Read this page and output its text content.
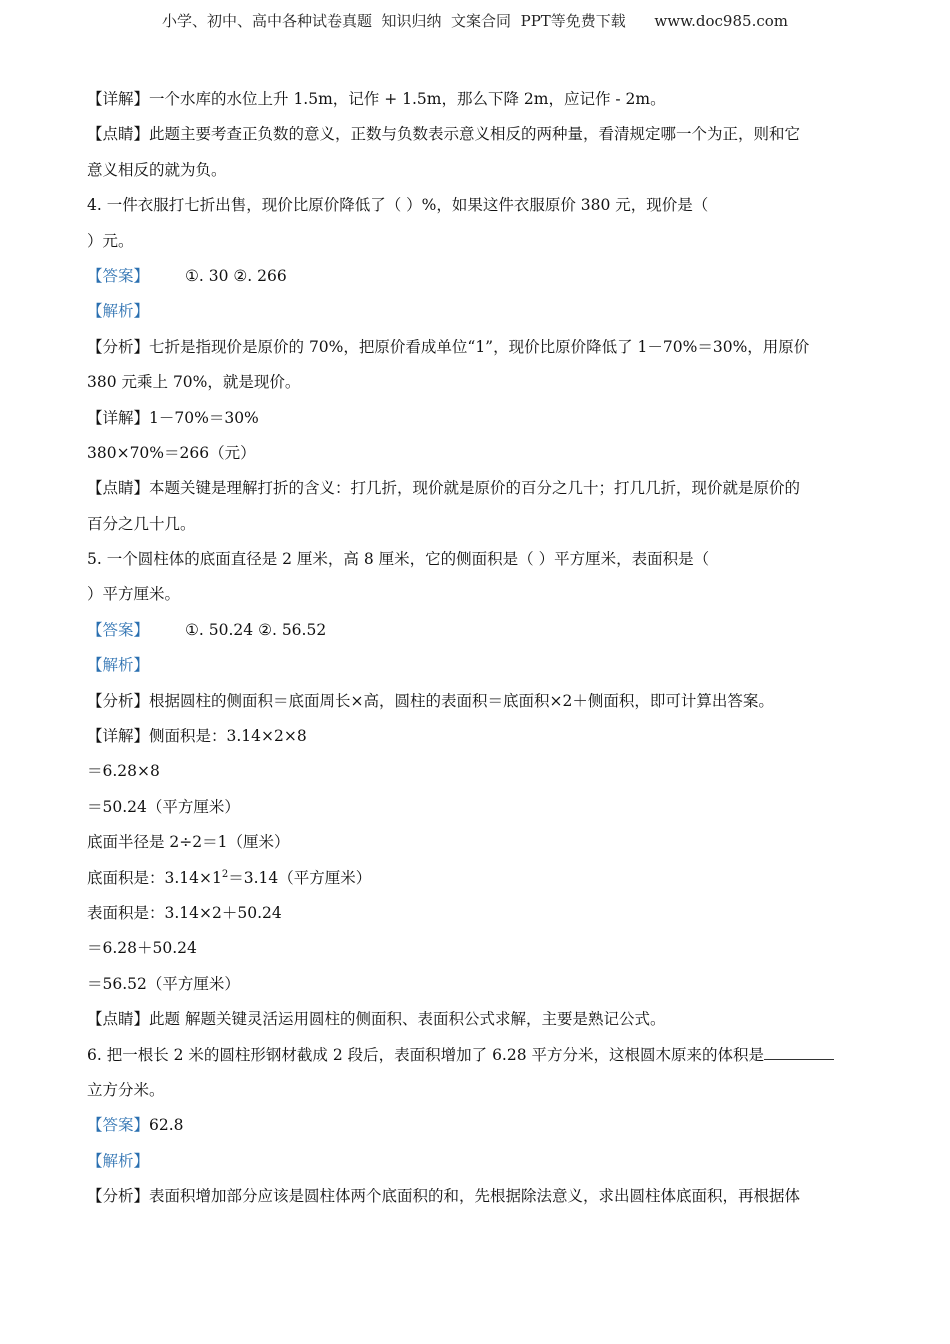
小学、初中、高中各种试卷真题  知识归纳  文案合同  PPT等免费下载      www.doc985.com
【详解】一个水库的水位上升 1.5m，记作 + 1.5m，那么下降 2m，应记作 - 2m。
【点睛】此题主要考查正负数的意义，正数与负数表示意义相反的两种量，看清规定哪一个为正，则和它
意义相反的就为负。
4. 一件衣服打七折出售，现价比原价降低了（ ）%，如果这件衣服原价 380 元，现价是（
）元。
【答案】 ①. 30 ②. 266
【解析】
【分析】七折是指现价是原价的 70%，把原价看成单位“1”，现价比原价降低了 1－70%＝30%，用原价
380 元乘上 70%，就是现价。
【详解】1－70%＝30%
380×70%＝266（元）
【点睛】本题关键是理解打折的含义：打几折，现价就是原价的百分之几十；打几几折，现价就是原价的
百分之几十几。
5. 一个圆柱体的底面直径是 2 厘米，高 8 厘米，它的侧面积是（ ）平方厘米，表面积是（
）平方厘米。
【答案】 ①. 50.24 ②. 56.52
【解析】
【分析】根据圆柱的侧面积＝底面周长×高，圆柱的表面积＝底面积×2＋侧面积，即可计算出答案。
【详解】侧面积是：3.14×2×8
＝6.28×8
＝50.24（平方厘米）
底面半径是 2÷2＝1（厘米）
底面积是：$3.14\times 1^2=3.14$（平方厘米）
表面积是：3.14×2＋50.24
＝6.28＋50.24
＝56.52（平方厘米）
【点睛】此题 解题关键灵活运用圆柱的侧面积、表面积公式求解，主要是熟记公式。
6. 把一根长 2 米的圆柱形钢材截成 2 段后，表面积增加了 6.28 平方分米，这根圆木原来的体积是
立方分米。
【答案】62.8
【解析】
【分析】表面积增加部分应该是圆柱体两个底面积的和，先根据除法意义，求出圆柱体底面积，再根据体
